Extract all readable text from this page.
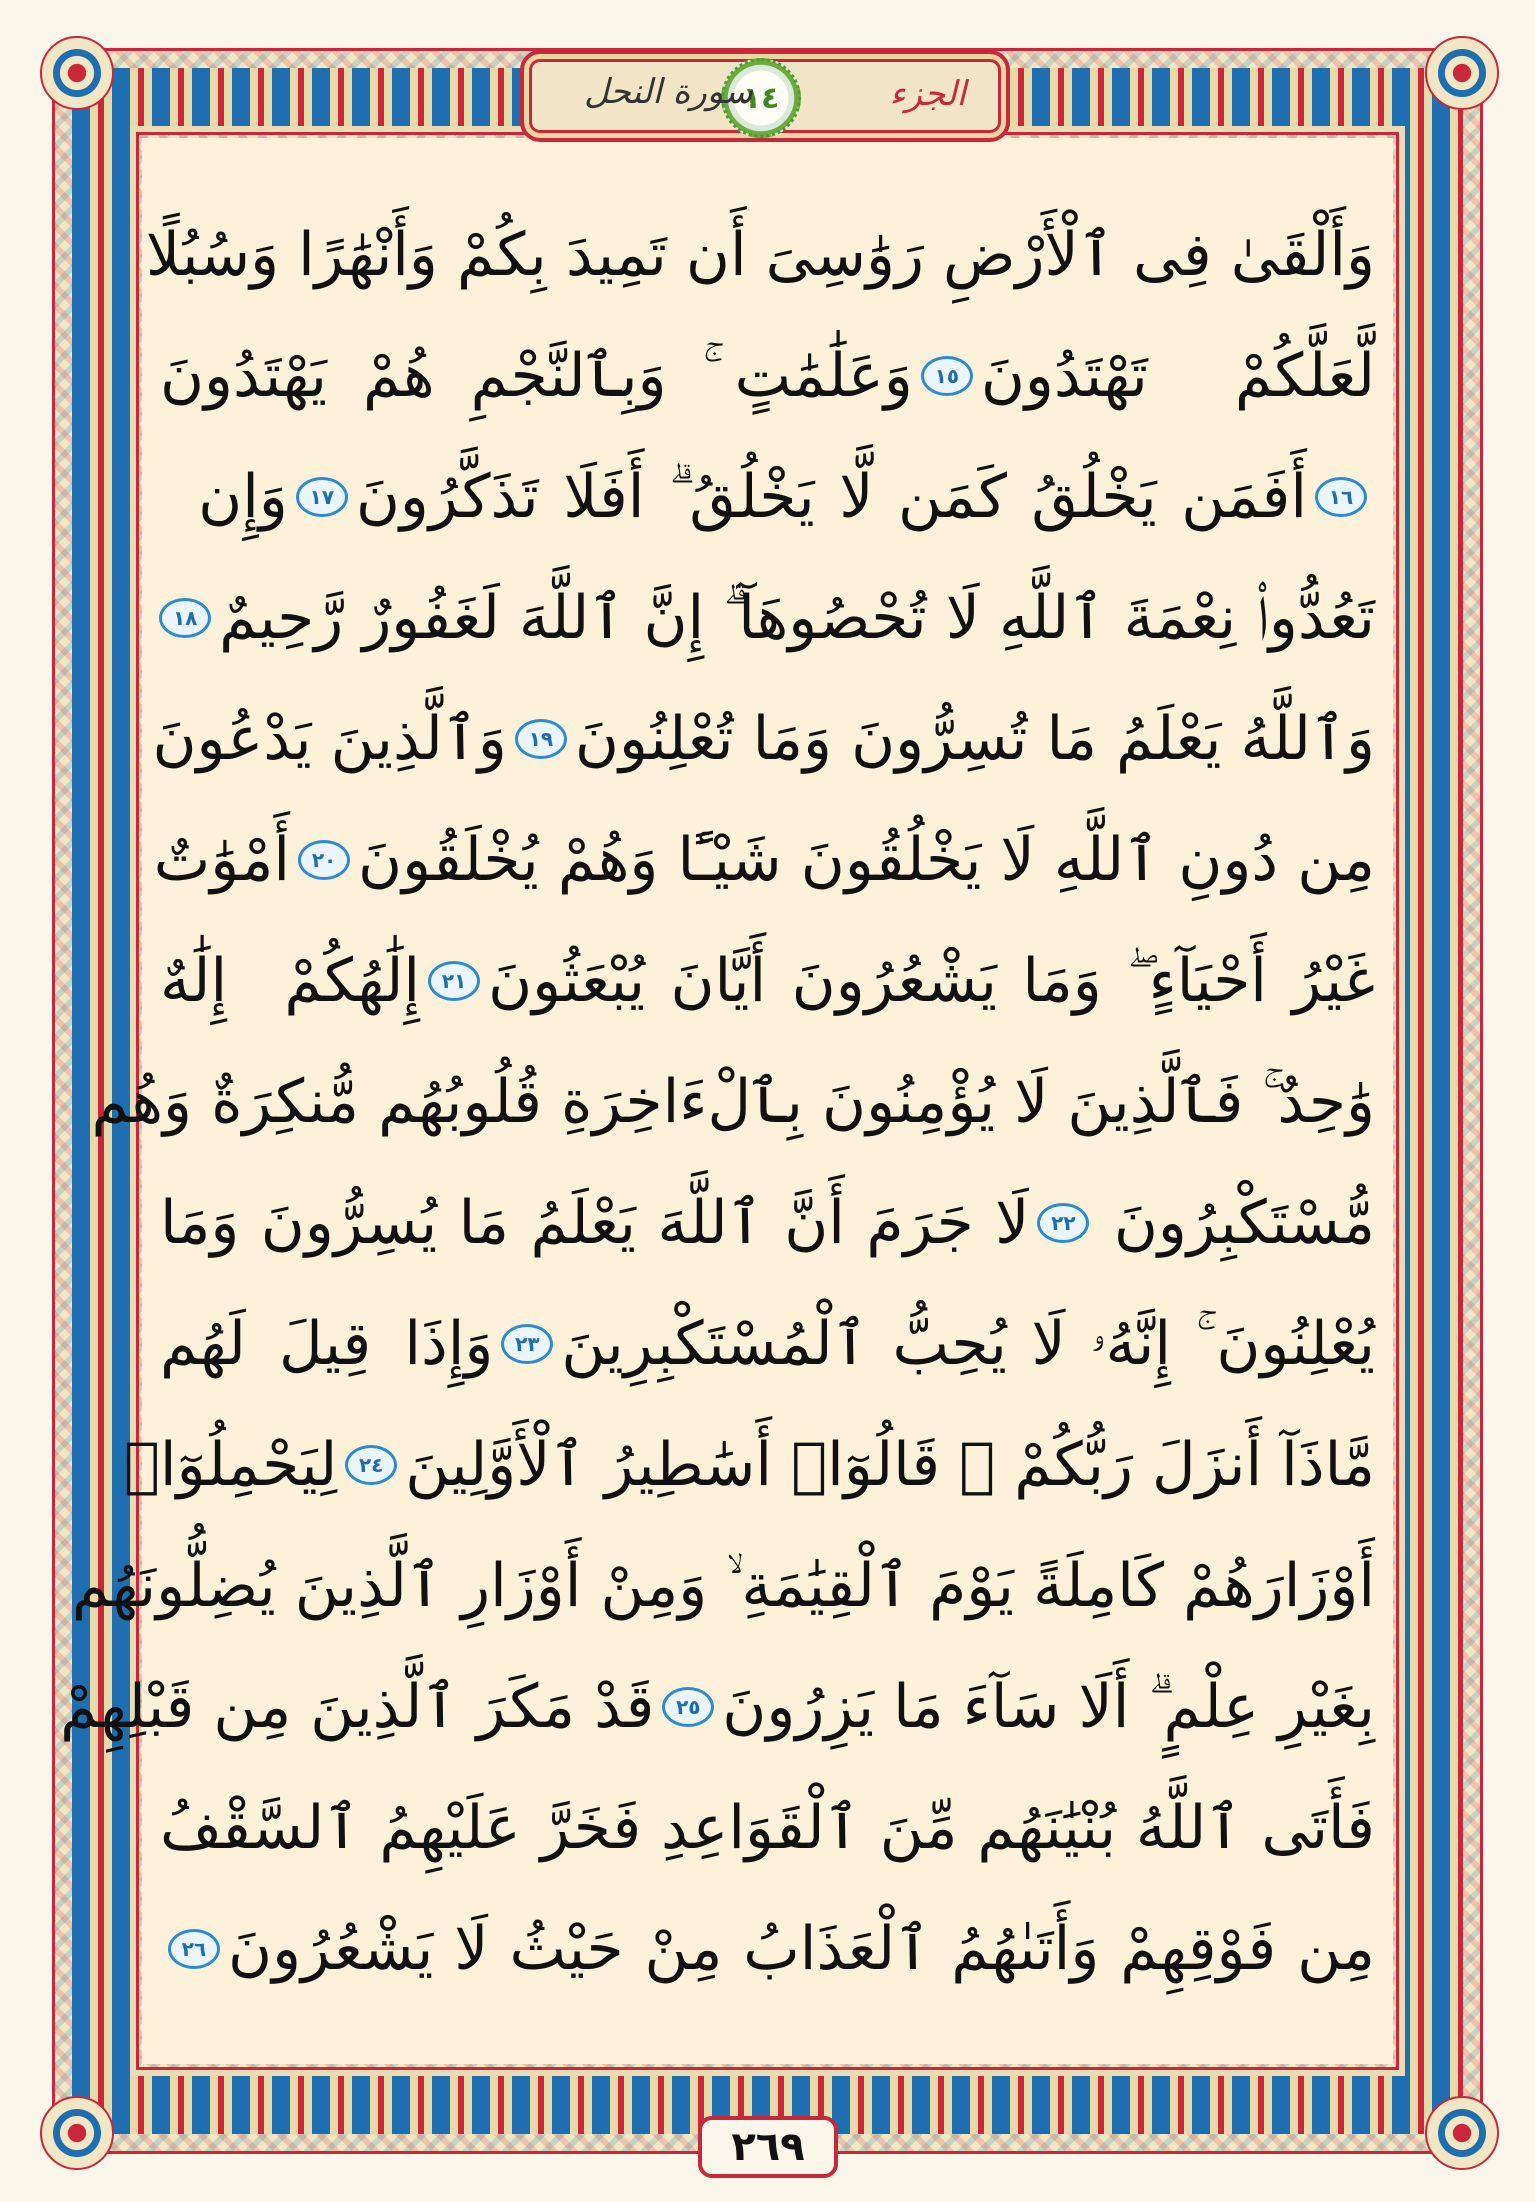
الجزء
١٤
سورة النحل
وَأَلْقَىٰ فِى ٱلْأَرْضِ رَوَٰسِىَ أَن تَمِيدَ بِكُمْ وَأَنْهَٰرًا وَسُبُلًا
لَّعَلَّكُمْ تَهْتَدُونَ
١٥
وَعَلَٰمَٰتٍ ۚ وَبِٱلنَّجْمِ هُمْ يَهْتَدُونَ
١٦
أَفَمَن يَخْلُقُ كَمَن لَّا يَخْلُقُ ۗ أَفَلَا تَذَكَّرُونَ
١٧
وَإِن
تَعُدُّوا۟ نِعْمَةَ ٱللَّهِ لَا تُحْصُوهَآ ۗ إِنَّ ٱللَّهَ لَغَفُورٌ رَّحِيمٌ
١٨
وَٱللَّهُ يَعْلَمُ مَا تُسِرُّونَ وَمَا تُعْلِنُونَ
١٩
وَٱلَّذِينَ يَدْعُونَ
مِن دُونِ ٱللَّهِ لَا يَخْلُقُونَ شَيْـًٔا وَهُمْ يُخْلَقُونَ
٢٠
أَمْوَٰتٌ
غَيْرُ أَحْيَآءٍ ۖ وَمَا يَشْعُرُونَ أَيَّانَ يُبْعَثُونَ
٢١
إِلَٰهُكُمْ إِلَٰهٌ
وَٰحِدٌ ۚ فَٱلَّذِينَ لَا يُؤْمِنُونَ بِٱلْءَاخِرَةِ قُلُوبُهُم مُّنكِرَةٌ وَهُم
مُّسْتَكْبِرُونَ
٢٢
لَا جَرَمَ أَنَّ ٱللَّهَ يَعْلَمُ مَا يُسِرُّونَ وَمَا
يُعْلِنُونَ ۚ إِنَّهُۥ لَا يُحِبُّ ٱلْمُسْتَكْبِرِينَ
٢٣
وَإِذَا قِيلَ لَهُم
مَّاذَآ أَنزَلَ رَبُّكُمْ ۙ قَالُوٓا۟ أَسَٰطِيرُ ٱلْأَوَّلِينَ
٢٤
لِيَحْمِلُوٓا۟
أَوْزَارَهُمْ كَامِلَةً يَوْمَ ٱلْقِيَٰمَةِ ۙ وَمِنْ أَوْزَارِ ٱلَّذِينَ يُضِلُّونَهُم
بِغَيْرِ عِلْمٍ ۗ أَلَا سَآءَ مَا يَزِرُونَ
٢٥
قَدْ مَكَرَ ٱلَّذِينَ مِن قَبْلِهِمْ
فَأَتَى ٱللَّهُ بُنْيَٰنَهُم مِّنَ ٱلْقَوَاعِدِ فَخَرَّ عَلَيْهِمُ ٱلسَّقْفُ
مِن فَوْقِهِمْ وَأَتَىٰهُمُ ٱلْعَذَابُ مِنْ حَيْثُ لَا يَشْعُرُونَ
٢٦
٢٦٩
